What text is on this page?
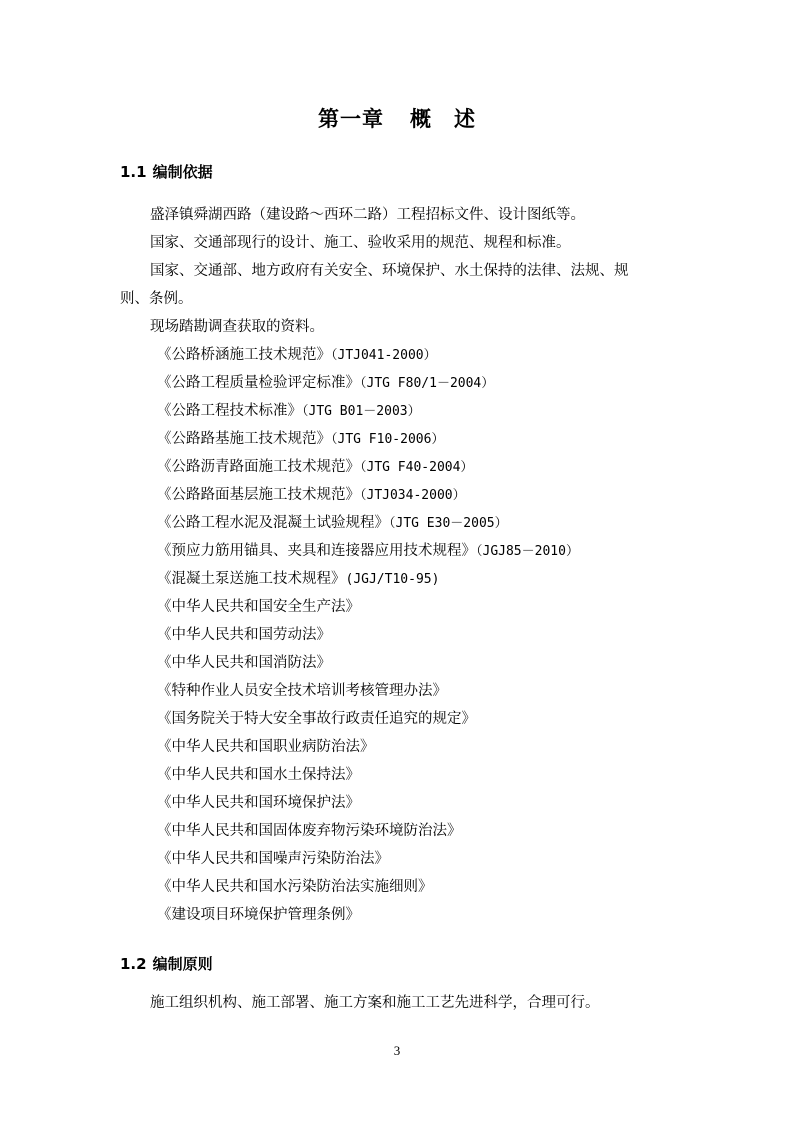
第一章 概　述
1.1 编制依据
盛泽镇舜湖西路（建设路～西环二路）工程招标文件、设计图纸等。
国家、交通部现行的设计、施工、验收采用的规范、规程和标准。
国家、交通部、地方政府有关安全、环境保护、水土保持的法律、法规、规
则、条例。
现场踏勘调查获取的资料。
《公路桥涵施工技术规范》（JTJ041-2000）
《公路工程质量检验评定标准》（JTG F80/1－2004）
《公路工程技术标准》（JTG B01－2003）
《公路路基施工技术规范》（JTG F10-2006）
《公路沥青路面施工技术规范》（JTG F40-2004）
《公路路面基层施工技术规范》（JTJ034-2000）
《公路工程水泥及混凝土试验规程》（JTG E30－2005）
《预应力筋用锚具、夹具和连接器应用技术规程》（JGJ85－2010）
《混凝土泵送施工技术规程》(JGJ/T10-95)
《中华人民共和国安全生产法》
《中华人民共和国劳动法》
《中华人民共和国消防法》
《特种作业人员安全技术培训考核管理办法》
《国务院关于特大安全事故行政责任追究的规定》
《中华人民共和国职业病防治法》
《中华人民共和国水土保持法》
《中华人民共和国环境保护法》
《中华人民共和国固体废弃物污染环境防治法》
《中华人民共和国噪声污染防治法》
《中华人民共和国水污染防治法实施细则》
《建设项目环境保护管理条例》
1.2 编制原则
施工组织机构、施工部署、施工方案和施工工艺先进科学，合理可行。
3
